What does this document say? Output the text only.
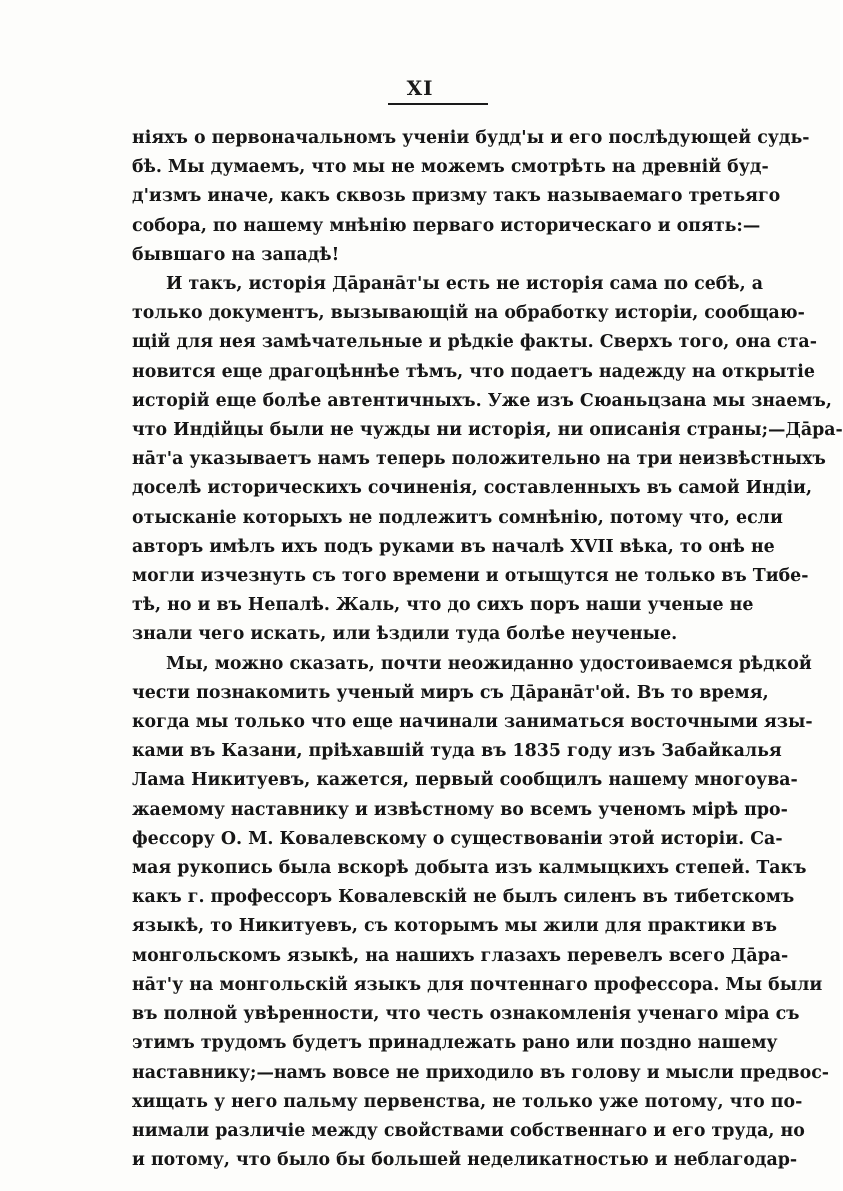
XI
ніяхъ о первоначальномъ ученіи будд'ы и его послѣдующей судь-
бѣ. Мы думаемъ, что мы не можемъ смотрѣть на древній буд-
д'измъ иначе, какъ сквозь призму такъ называемаго третьяго
собора, по нашему мнѣнію перваго историческаго и опять:—
бывшаго на западѣ!
И такъ, исторія Дāранāт'ы есть не исторія сама по себѣ, а
только документъ, вызывающій на обработку исторіи, сообщаю-
щій для нея замѣчательные и рѣдкіе факты. Сверхъ того, она ста-
новится еще драгоцѣннѣе тѣмъ, что подаетъ надежду на открытіе
исторій еще болѣе автентичныхъ. Уже изъ Сюаньцзана мы знаемъ,
что Индійцы были не чужды ни исторія, ни описанія страны;—Дāра-
нāт'а указываетъ намъ теперь положительно на три неизвѣстныхъ
доселѣ историческихъ сочиненія, составленныхъ въ самой Индіи,
отысканіе которыхъ не подлежитъ сомнѣнію, потому что, если
авторъ имѣлъ ихъ подъ руками въ началѣ XVII вѣка, то онѣ не
могли изчезнуть съ того времени и отыщутся не только въ Тибе-
тѣ, но и въ Непалѣ. Жаль, что до сихъ поръ наши ученые не
знали чего искать, или ѣздили туда болѣе неученые.
Мы, можно сказать, почти неожиданно удостоиваемся рѣдкой
чести познакомить ученый миръ съ Дāранāт'ой. Въ то время,
когда мы только что еще начинали заниматься восточными язы-
ками въ Казани, пріѣхавшій туда въ 1835 году изъ Забайкалья
Лама Никитуевъ, кажется, первый сообщилъ нашему многоува-
жаемому наставнику и извѣстному во всемъ ученомъ мірѣ про-
фессору О. М. Ковалевскому о существованіи этой исторіи. Са-
мая рукопись была вскорѣ добыта изъ калмыцкихъ степей. Такъ
какъ г. профессоръ Ковалевскій не былъ силенъ въ тибетскомъ
языкѣ, то Никитуевъ, съ которымъ мы жили для практики въ
монгольскомъ языкѣ, на нашихъ глазахъ перевелъ всего Дāра-
нāт'у на монгольскій языкъ для почтеннаго профессора. Мы были
въ полной увѣренности, что честь ознакомленія ученаго міра съ
этимъ трудомъ будетъ принадлежать рано или поздно нашему
наставнику;—намъ вовсе не приходило въ голову и мысли предвос-
хищать у него пальму первенства, не только уже потому, что по-
нимали различіе между свойствами собственнаго и его труда, но
и потому, что было бы большей неделикатностью и неблагодар-
